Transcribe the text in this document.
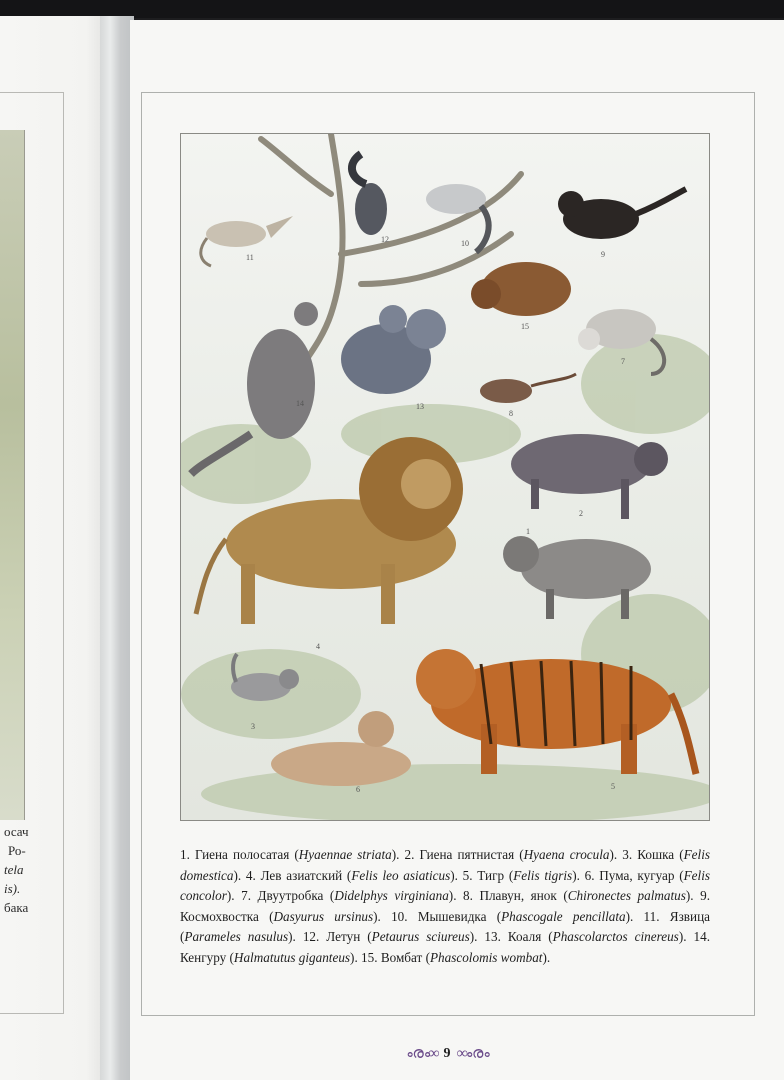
осач
Ро-
tela
is).
бака
1
2
3
4
5
6
7
8
9
10
11
12
13
14
15
1. Гиена полосатая (Hyaennae striata). 2. Гиена пятнистая (Hyaena crocula). 3. Кошка (Felis domestica). 4. Лев азиатский (Felis leo asiaticus). 5. Тигр (Felis tigris). 6. Пума, кугуар (Felis concolor). 7. Двуутробка (Didelphys virginiana). 8. Плавун, янок (Chironectes palmatus). 9. Космохвостка (Dasyurus ursinus). 10. Мышевидка (Phascogale pencillata). 11. Язвица (Parameles nasulus). 12. Летун (Petaurus sciureus). 13. Коаля (Phascolarctos cinereus). 14. Кенгуру (Halmatutus giganteus). 15. Вомбат (Phascolomis wombat).
ൟ∞ 9 ∞ൟ
